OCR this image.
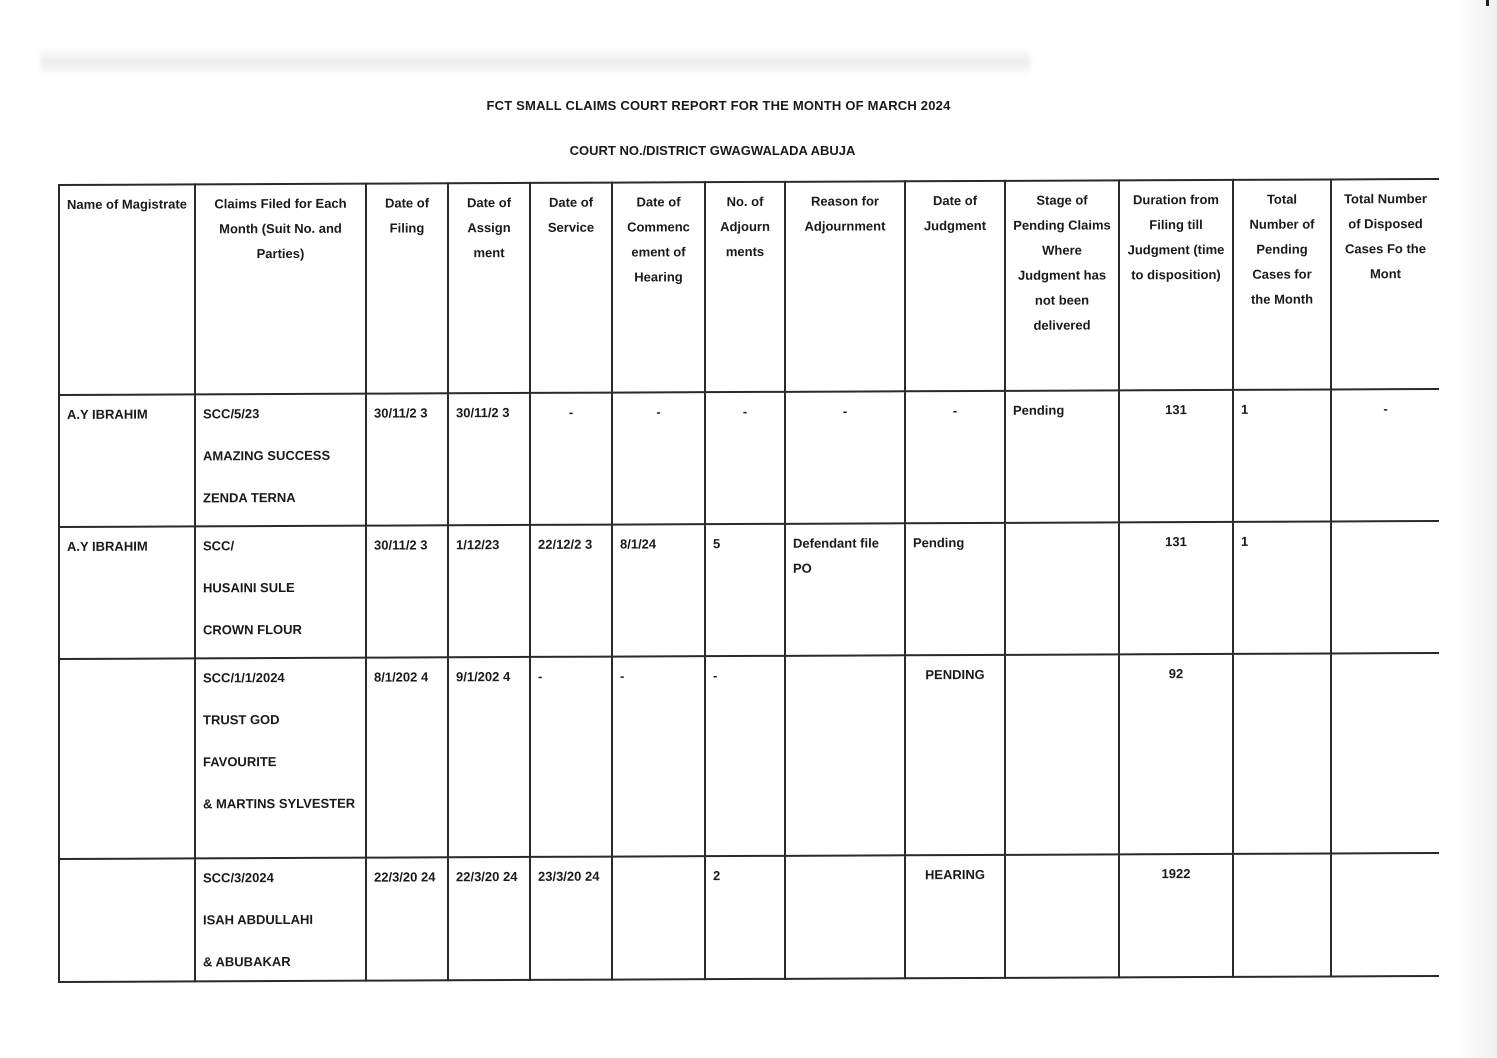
FCT SMALL CLAIMS COURT REPORT FOR THE MONTH OF MARCH 2024
COURT NO./DISTRICT GWAGWALADA ABUJA
Name of Magistrate	Claims Filed for Each Month (Suit No. and Parties)	Date of Filing	Date of Assign ment	Date of Service	Date of Commenc ement of Hearing	No. of Adjourn ments	Reason for Adjournment	Date of Judgment	Stage of Pending Claims Where Judgment has not been delivered	Duration from Filing till Judgment (time to disposition)	Total Number of Pending Cases for the Month	Total Number of Disposed Cases Fo the Mont
A.Y IBRAHIM	SCC/5/23
AMAZING SUCCESS
ZENDA TERNA	30/11/2 3	30/11/2 3	-	-	-	-	-	Pending	131	1	-
A.Y IBRAHIM	SCC/
HUSAINI SULE
CROWN FLOUR	30/11/2 3	1/12/23	22/12/2 3	8/1/24	5	Defendant file PO	Pending		131	1	

	SCC/1/1/2024
TRUST GOD
FAVOURITE
& MARTINS SYLVESTER	8/1/202 4	9/1/202 4	-	-	-		PENDING		92		

	SCC/3/2024
ISAH ABDULLAHI
& ABUBAKAR	22/3/20 24	22/3/20 24	23/3/20 24		2		HEARING		1922		
